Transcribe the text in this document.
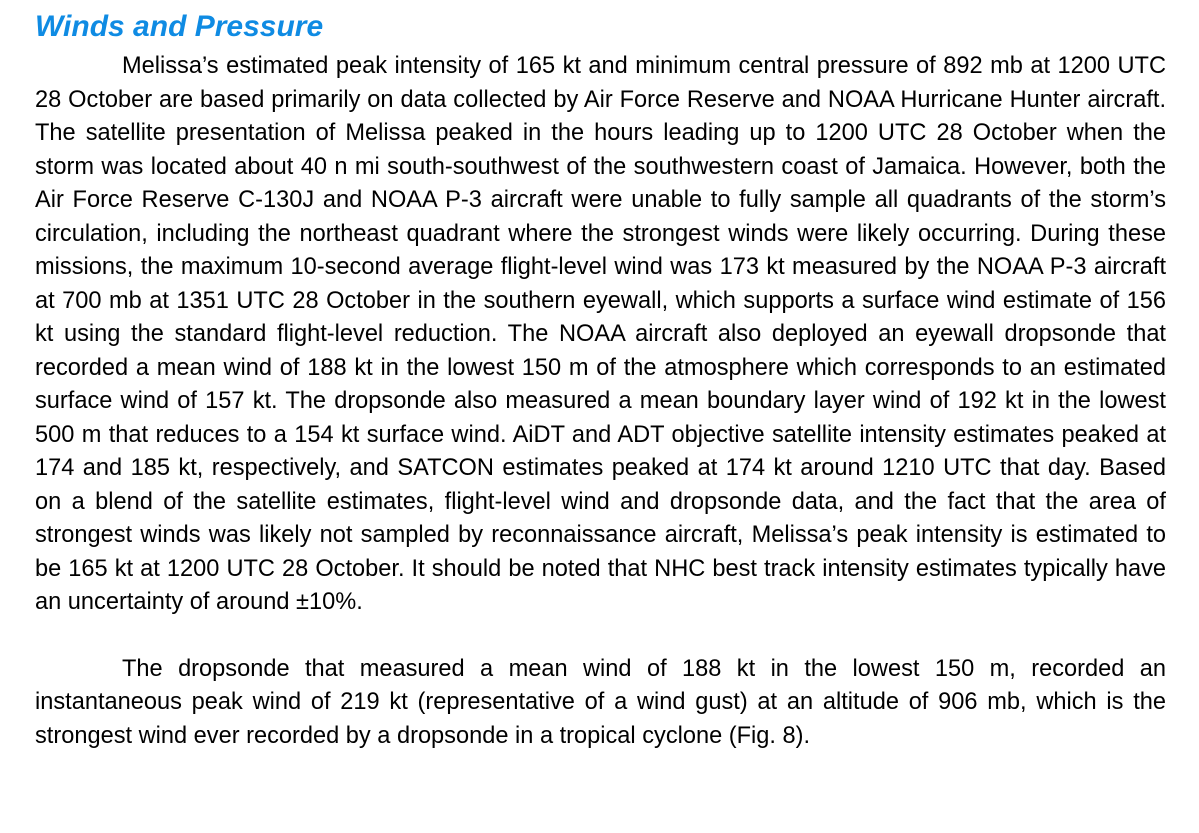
Winds and Pressure

Melissa’s estimated peak intensity of 165 kt and minimum central pressure of 892 mb at 1200 UTC 28 October are based primarily on data collected by Air Force Reserve and NOAA Hurricane Hunter aircraft. The satellite presentation of Melissa peaked in the hours leading up to 1200 UTC 28 October when the storm was located about 40 n mi south-southwest of the southwestern coast of Jamaica. However, both the Air Force Reserve C-130J and NOAA P-3 aircraft were unable to fully sample all quadrants of the storm’s circulation, including the northeast quadrant where the strongest winds were likely occurring. During these missions, the maximum 10-second average flight-level wind was 173 kt measured by the NOAA P-3 aircraft at 700 mb at 1351 UTC 28 October in the southern eyewall, which supports a surface wind estimate of 156 kt using the standard flight-level reduction. The NOAA aircraft also deployed an eyewall dropsonde that recorded a mean wind of 188 kt in the lowest 150 m of the atmosphere which corresponds to an estimated surface wind of 157 kt. The dropsonde also measured a mean boundary layer wind of 192 kt in the lowest 500 m that reduces to a 154 kt surface wind. AiDT and ADT objective satellite intensity estimates peaked at 174 and 185 kt, respectively, and SATCON estimates peaked at 174 kt around 1210 UTC that day. Based on a blend of the satellite estimates, flight-level wind and dropsonde data, and the fact that the area of strongest winds was likely not sampled by reconnaissance aircraft, Melissa’s peak intensity is estimated to be 165 kt at 1200 UTC 28 October. It should be noted that NHC best track intensity estimates typically have an uncertainty of around ±10%.

The dropsonde that measured a mean wind of 188 kt in the lowest 150 m, recorded an instantaneous peak wind of 219 kt (representative of a wind gust) at an altitude of 906 mb, which is the strongest wind ever recorded by a dropsonde in a tropical cyclone (Fig. 8).
